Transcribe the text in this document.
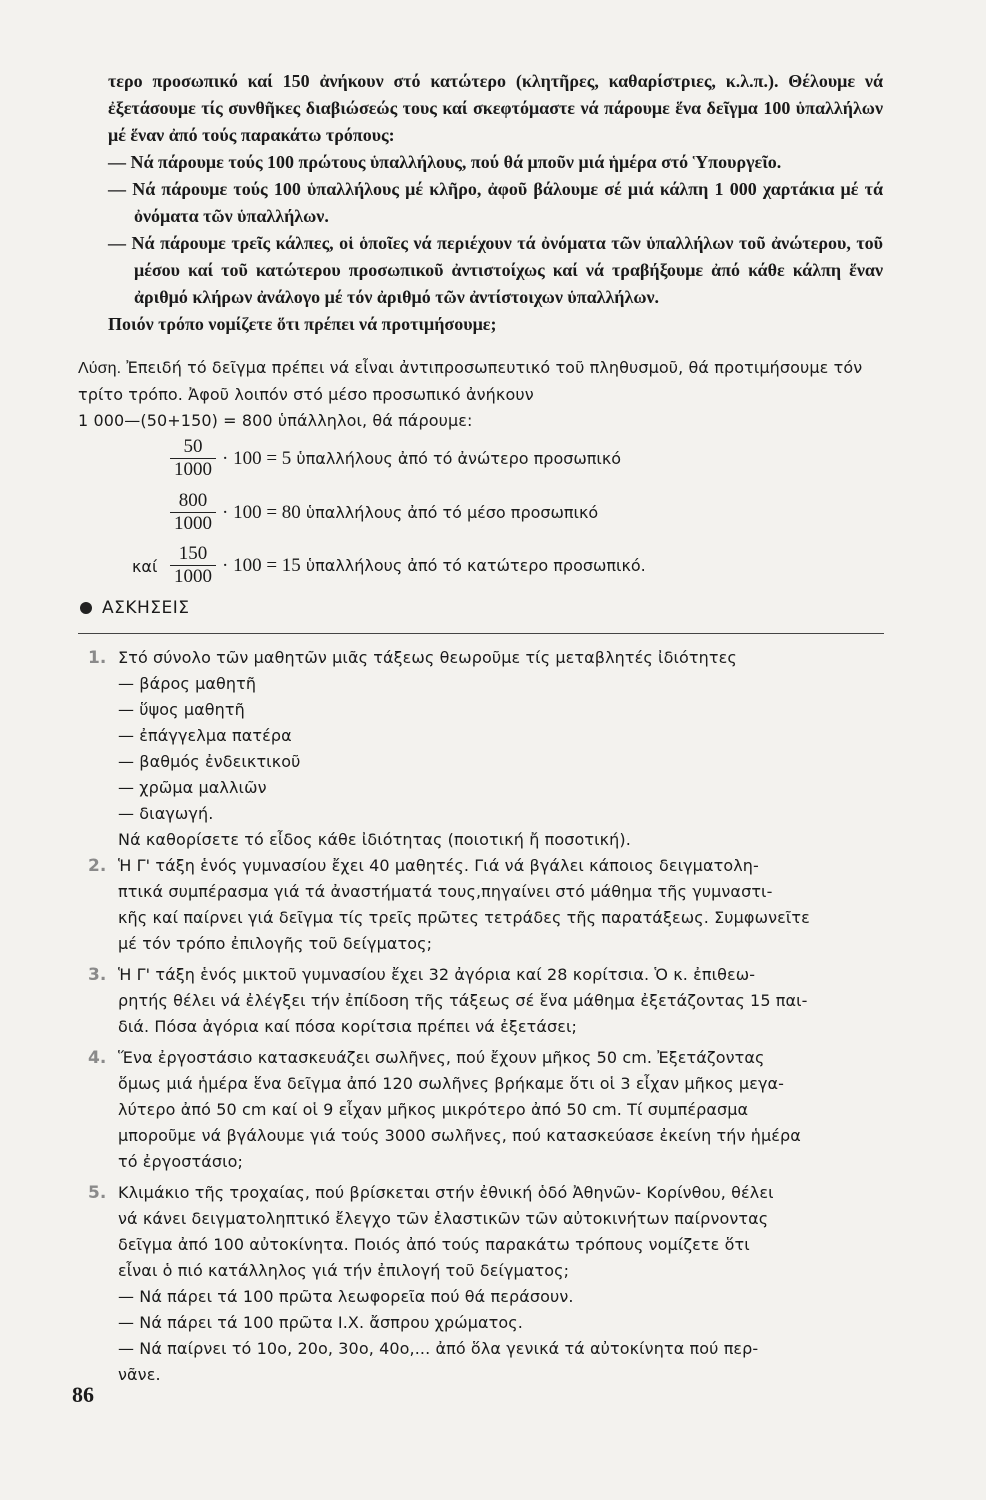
τερο προσωπικό καί 150 ἀνήκουν στό κατώτερο (κλητῆρες, καθαρίστριες, κ.λ.π.). Θέλουμε νά ἐξετάσουμε τίς συνθῆκες διαβιώσεώς τους καί σκεφτόμαστε νά πάρουμε ἕνα δεῖγμα 100 ὑπαλλήλων μέ ἕναν ἀπό τούς παρακάτω τρόπους:

— Νά πάρουμε τούς 100 πρώτους ὑπαλλήλους, πού θά μποῦν μιά ἡμέρα στό Ὑπουργεῖο.

— Νά πάρουμε τούς 100 ὑπαλλήλους μέ κλῆρο, ἀφοῦ βάλουμε σέ μιά κάλπη 1 000 χαρτάκια μέ τά ὀνόματα τῶν ὑπαλλήλων.

— Νά πάρουμε τρεῖς κάλπες, οἱ ὁποῖες νά περιέχουν τά ὀνόματα τῶν ὑπαλλήλων τοῦ ἀνώτερου, τοῦ μέσου καί τοῦ κατώτερου προσωπικοῦ ἀντιστοίχως καί νά τραβήξουμε ἀπό κάθε κάλπη ἕναν ἀριθμό κλήρων ἀνάλογο μέ τόν ἀριθμό τῶν ἀντίστοιχων ὑπαλλήλων.

Ποιόν τρόπο νομίζετε ὅτι πρέπει νά προτιμήσουμε;

Λύση. Ἐπειδή τό δεῖγμα πρέπει νά εἶναι ἀντιπροσωπευτικό τοῦ πληθυσμοῦ, θά προτιμήσουμε τόν τρίτο τρόπο. Ἀφοῦ λοιπόν στό μέσο προσωπικό ἀνήκουν

1 000—(50+150) = 800 ὑπάλληλοι, θά πάρουμε:

$\frac{50}{1000} \cdot 100 = 5$ ὑπαλλήλους ἀπό τό ἀνώτερο προσωπικό
$\frac{800}{1000} \cdot 100 = 80$ ὑπαλλήλους ἀπό τό μέσο προσωπικό
καί $\frac{150}{1000} \cdot 100 = 15$ ὑπαλλήλους ἀπό τό κατώτερο προσωπικό.
ΑΣΚΗΣΕΙΣ
1. Στό σύνολο τῶν μαθητῶν μιᾶς τάξεως θεωροῦμε τίς μεταβλητές ἰδιότητες
— βάρος μαθητῆ
— ὕψος μαθητῆ
— ἐπάγγελμα πατέρα
— βαθμός ἐνδεικτικοῦ
— χρῶμα μαλλιῶν
— διαγωγή.
Νά καθορίσετε τό εἶδος κάθε ἰδιότητας (ποιοτική ἤ ποσοτική).
2. Ἡ Γ' τάξη ἑνός γυμνασίου ἔχει 40 μαθητές. Γιά νά βγάλει κάποιος δειγματολη-
πτικά συμπέρασμα γιά τά ἀναστήματά τους,πηγαίνει στό μάθημα τῆς γυμναστι-
κῆς καί παίρνει γιά δεῖγμα τίς τρεῖς πρῶτες τετράδες τῆς παρατάξεως. Συμφωνεῖτε
μέ τόν τρόπο ἐπιλογῆς τοῦ δείγματος;
3. Ἡ Γ' τάξη ἑνός μικτοῦ γυμνασίου ἔχει 32 ἀγόρια καί 28 κορίτσια. Ὁ κ. ἐπιθεω-
ρητής θέλει νά ἐλέγξει τήν ἐπίδοση τῆς τάξεως σέ ἕνα μάθημα ἐξετάζοντας 15 παι-
διά. Πόσα ἀγόρια καί πόσα κορίτσια πρέπει νά ἐξετάσει;
4. Ἕνα ἐργοστάσιο κατασκευάζει σωλῆνες, πού ἔχουν μῆκος 50 cm. Ἐξετάζοντας
ὅμως μιά ἡμέρα ἕνα δεῖγμα ἀπό 120 σωλῆνες βρήκαμε ὅτι οἱ 3 εἶχαν μῆκος μεγα-
λύτερο ἀπό 50 cm καί οἱ 9 εἶχαν μῆκος μικρότερο ἀπό 50 cm. Τί συμπέρασμα
μποροῦμε νά βγάλουμε γιά τούς 3000 σωλῆνες, πού κατασκεύασε ἐκείνη τήν ἡμέρα
τό ἐργοστάσιο;
5. Κλιμάκιο τῆς τροχαίας, πού βρίσκεται στήν ἐθνική ὁδό Ἀθηνῶν- Κορίνθου, θέλει
νά κάνει δειγματοληπτικό ἔλεγχο τῶν ἐλαστικῶν τῶν αὐτοκινήτων παίρνοντας
δεῖγμα ἀπό 100 αὐτοκίνητα. Ποιός ἀπό τούς παρακάτω τρόπους νομίζετε ὅτι
εἶναι ὁ πιό κατάλληλος γιά τήν ἐπιλογή τοῦ δείγματος;
— Νά πάρει τά 100 πρῶτα λεωφορεῖα πού θά περάσουν.
— Νά πάρει τά 100 πρῶτα Ι.Χ. ἄσπρου χρώματος.
— Νά παίρνει τό 10ο, 20ο, 30ο, 40ο,... ἀπό ὅλα γενικά τά αὐτοκίνητα πού περ-
νᾶνε.
86
